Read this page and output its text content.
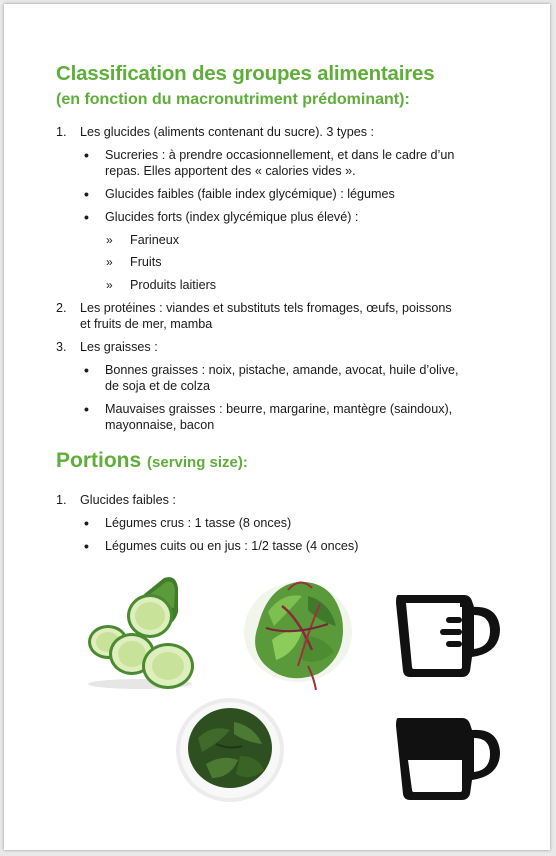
Classification des groupes alimentaires
(en fonction du macronutriment prédominant):
1. Les glucides (aliments contenant du sucre). 3 types :
• Sucreries : à prendre occasionnellement, et dans le cadre d’un
repas. Elles apportent des « calories vides ».
• Glucides faibles (faible index glycémique) : légumes
• Glucides forts (index glycémique plus élevé) :
» Farineux
» Fruits
» Produits laitiers
2. Les protéines : viandes et substituts tels fromages, œufs, poissons
et fruits de mer, mamba
3. Les graisses :
• Bonnes graisses : noix, pistache, amande, avocat, huile d’olive,
de soja et de colza
• Mauvaises graisses : beurre, margarine, mantègre (saindoux),
mayonnaise, bacon
Portions (serving size):
1. Glucides faibles :
• Légumes crus : 1 tasse (8 onces)
• Légumes cuits ou en jus : 1/2 tasse (4 onces)
